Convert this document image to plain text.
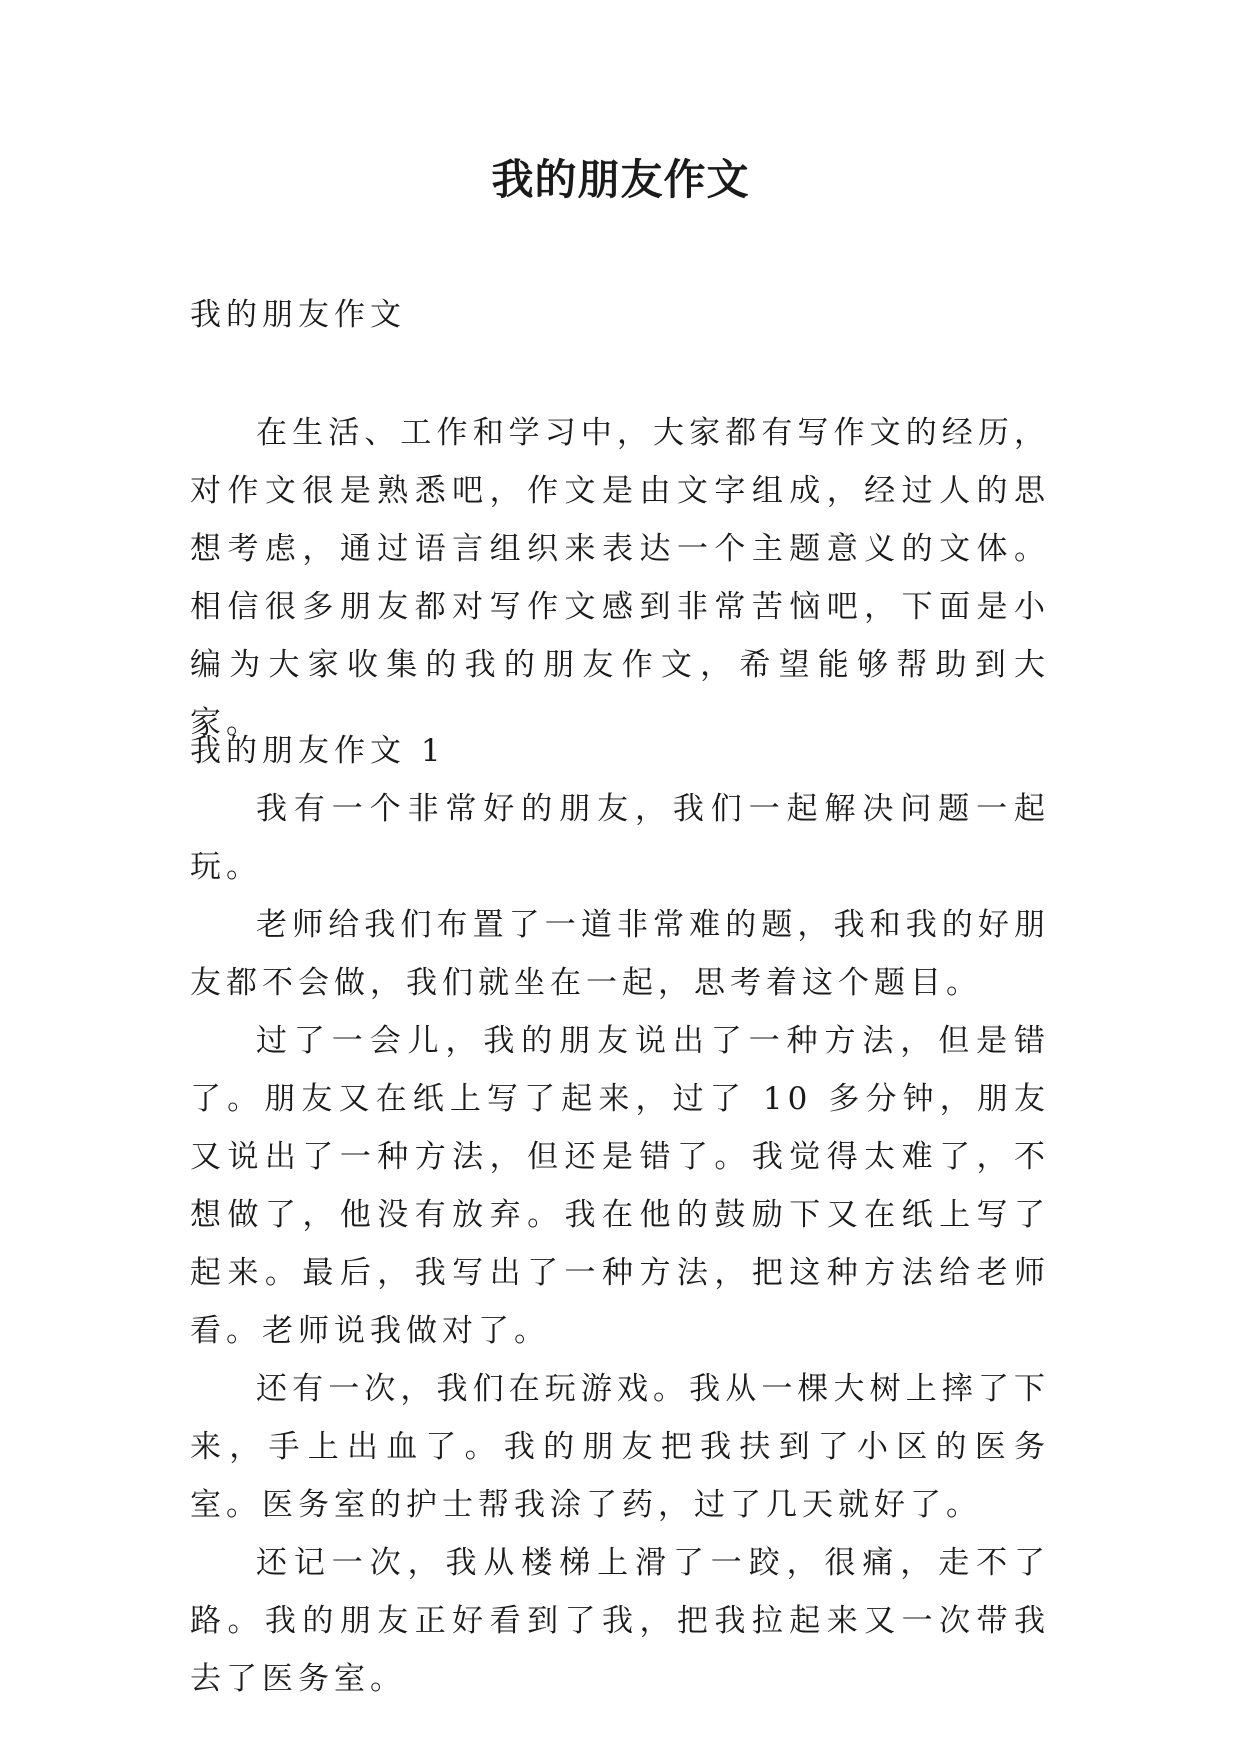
我的朋友作文
我的朋友作文

在生活、工作和学习中，大家都有写作文的经历，对作文很是熟悉吧，作文是由文字组成，经过人的思想考虑，通过语言组织来表达一个主题意义的文体。相信很多朋友都对写作文感到非常苦恼吧，下面是小编为大家收集的我的朋友作文，希望能够帮助到大家。

我的朋友作文 1

我有一个非常好的朋友，我们一起解决问题一起玩。

老师给我们布置了一道非常难的题，我和我的好朋友都不会做，我们就坐在一起，思考着这个题目。

过了一会儿，我的朋友说出了一种方法，但是错了。朋友又在纸上写了起来，过了 10 多分钟，朋友又说出了一种方法，但还是错了。我觉得太难了，不想做了，他没有放弃。我在他的鼓励下又在纸上写了起来。最后，我写出了一种方法，把这种方法给老师看。老师说我做对了。

还有一次，我们在玩游戏。我从一棵大树上摔了下来，手上出血了。我的朋友把我扶到了小区的医务室。医务室的护士帮我涂了药，过了几天就好了。

还记一次，我从楼梯上滑了一跤，很痛，走不了路。我的朋友正好看到了我，把我拉起来又一次带我去了医务室。
